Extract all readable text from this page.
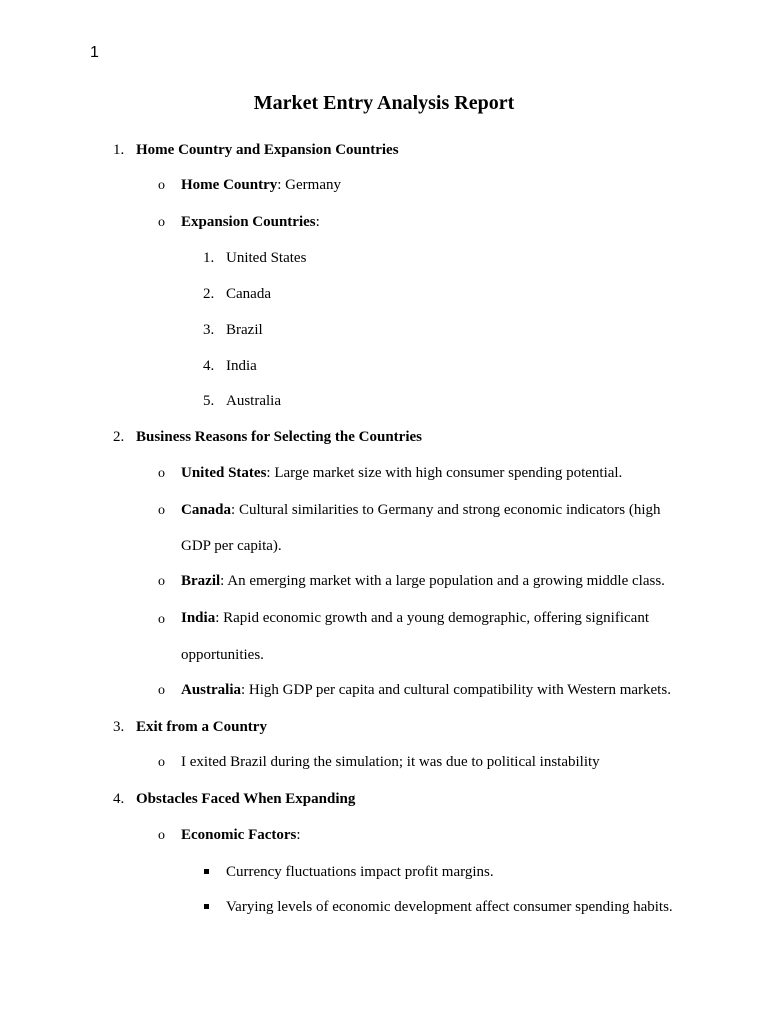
1
Market Entry Analysis Report
1. Home Country and Expansion Countries
o Home Country: Germany
o Expansion Countries:
1. United States
2. Canada
3. Brazil
4. India
5. Australia
2. Business Reasons for Selecting the Countries
o United States: Large market size with high consumer spending potential.
o Canada: Cultural similarities to Germany and strong economic indicators (high
GDP per capita).
o Brazil: An emerging market with a large population and a growing middle class.
o India: Rapid economic growth and a young demographic, offering significant
opportunities.
o Australia: High GDP per capita and cultural compatibility with Western markets.
3. Exit from a Country
o I exited Brazil during the simulation; it was due to political instability
4. Obstacles Faced When Expanding
o Economic Factors:
Currency fluctuations impact profit margins.
Varying levels of economic development affect consumer spending habits.
